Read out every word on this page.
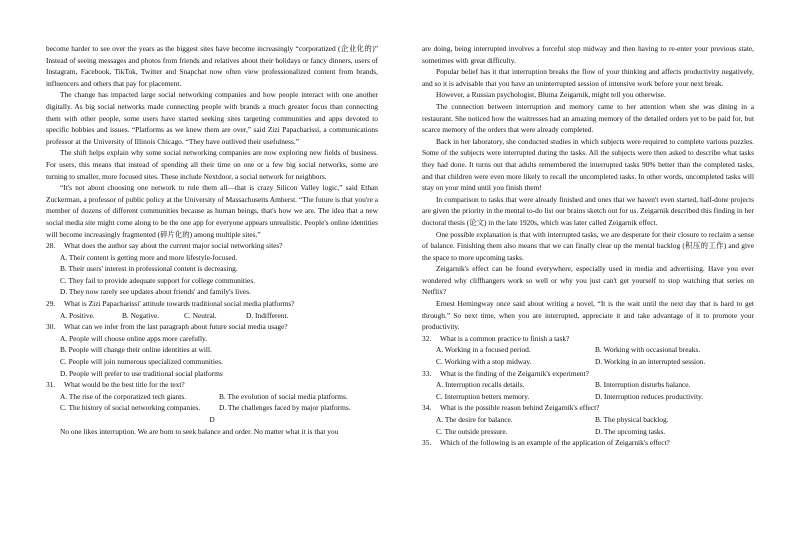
become harder to see over the years as the biggest sites have become increasingly “corporatized (企业化的)” Instead of seeing messages and photos from friends and relatives about their holidays or fancy dinners, users of Instagram, Facebook, TikTok, Twitter and Snapchat now often view professionalized content from brands, influencers and others that pay for placement.

The change has impacted large social networking companies and how people interact with one another digitally. As big social networks made connecting people with brands a much greater focus than connecting them with other people, some users have started seeking sites targeting communities and apps devoted to specific hobbies and issues. “Platforms as we knew them are over,” said Zizi Papacharissi, a communications professor at the University of Illinois Chicago. “They have outlived their usefulness.”

The shift helps explain why some social networking companies are now exploring new fields of business. For users, this means that instead of spending all their time on one or a few big social networks, some are turning to smaller, more focused sites. These include Nextdoor, a social network for neighbors.

“It's not about choosing one network to rule them all—that is crazy Silicon Valley logic,” said Ethan Zuckerman, a professor of public policy at the University of Massachusetts Amherst. “The future is that you're a member of dozens of different communities because as human beings, that's how we are. The idea that a new social media site might come along to be the one app for everyone appears unrealistic. People's online identities will become increasingly fragmented (碎片化的) among multiple sites.”

28.	What does the author say about the current major social networking sites?

A. Their content is getting more and more lifestyle-focused.

B. Their users' interest in professional content is decreasing.

C. They fail to provide adequate support for college communities.

D. They now rarely see updates about friends' and family's lives.

29.	What is Zizi Papacharissi' attitude towards traditional social media platforms?

A. Positive.	B. Negative.	C. Neutral.	D. Indifferent.

30.	What can we infer from the last paragraph about future social media usage?

A. People will choose online apps more carefully.

B. People will change their online identities at will.

C. People will join numerous specialized communities.

D. People will prefer to use traditional social platforms

31.	What would be the best title for the text?

A. The rise of the corporatized tech giants.	B. The evolution of social media platforms.

C. The history of social networking companies.	D. The challenges faced by major platforms.

D

No one likes interruption. We are born to seek balance and order. No matter what it is that you

are doing, being interrupted involves a forceful stop midway and then having to re-enter your previous state, sometimes with great difficulty.

Popular belief has it that interruption breaks the flow of your thinking and affects productivity negatively, and so it is advisable that you have an uninterrupted session of intensive work before your next break.

However, a Russian psychologist, Bluma Zeigarnik, might tell you otherwise.

The connection between interruption and memory came to her attention when she was dining in a restaurant. She noticed how the waitresses had an amazing memory of the detailed orders yet to be paid for, but scarce memory of the orders that were already completed.

Back in her laboratory, she conducted studies in which subjects were required to complete various puzzles. Some of the subjects were interrupted during the tasks. All the subjects were then asked to describe what tasks they had done. It turns out that adults remembered the interrupted tasks 90% better than the completed tasks, and that children were even more likely to recall the uncompleted tasks. In other words, uncompleted tasks will stay on your mind until you finish them!

In comparison to tasks that were already finished and ones that we haven't even started, half-done projects are given the priority in the mental to-do list our brains sketch out for us. Zeigarnik described this finding in her doctoral thesis (论文) in the late 1920s, which was later called Zeigarnik effect.

One possible explanation is that with interrupted tasks, we are desperate for their closure to reclaim a sense of balance. Finishing them also means that we can finally clear up the mental backlog (积压的工作) and give the space to more upcoming tasks.

Zeigarnik's effect can be found everywhere, especially used in media and advertising. Have you ever wondered why cliffhangers work so well or why you just can't get yourself to stop watching that series on Netflix?

Ernest Hemingway once said about writing a novel, “It is the wait until the next day that is hard to get through.” So next time, when you are interrupted, appreciate it and take advantage of it to promote your productivity.

32.	What is a common practice to finish a task?

A. Working in a focused period.	B. Working with occasional breaks.

C. Working with a stop midway.	D. Working in an interrupted session.

33.	What is the finding of the Zeigarnik's experiment?

A. Interruption recalls details.	B. Interruption disturbs balance.

C. Interruption betters memory.	D. Interruption reduces productivity.

34.	What is the possible reason behind Zeigarnik's effect?

A. The desire for balance.	B. The physical backlog.

C. The outside pressure.	D. The upcoming tasks.

35.	Which of the following is an example of the application of Zeigarnik's effect?
